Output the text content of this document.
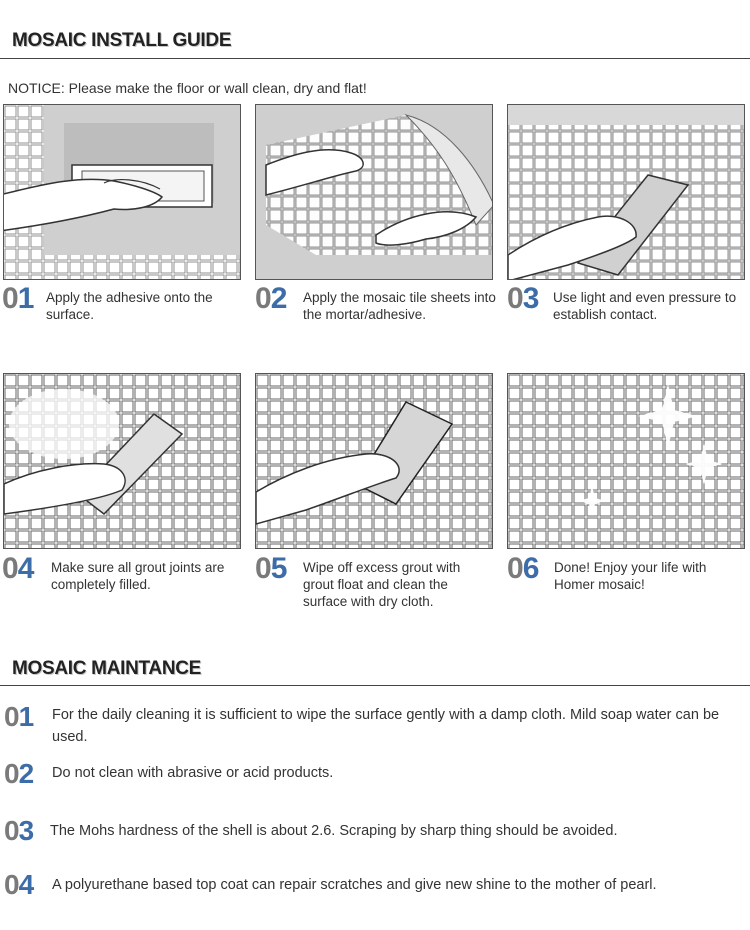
MOSAIC INSTALL GUIDE
NOTICE: Please make the floor or wall clean, dry and flat!
01 Apply the adhesive onto the surface.	02 Apply the mosaic tile sheets into the mortar/adhesive.	03 Use light and even pressure to establish contact.
04 Make sure all grout joints are completely filled.	05 Wipe off excess grout with grout float and clean the surface with dry cloth.
06 Done! Enjoy your life with Homer mosaic!
MOSAIC MAINTANCE
01 For the daily cleaning it is sufficient to wipe the surface gently with a damp cloth. Mild soap water can be used.
02 Do not clean with abrasive or acid products.
03 The Mohs hardness of the shell is about 2.6. Scraping by sharp thing should be avoided.
04 A polyurethane based top coat can repair scratches and give new shine to the mother of pearl.
